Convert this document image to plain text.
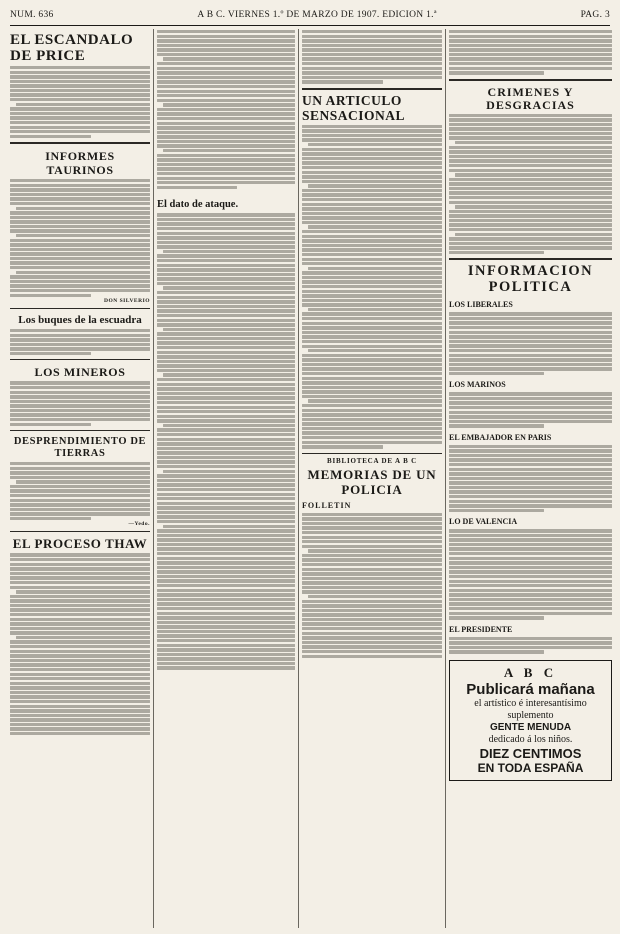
NUM. 636	A B C. VIERNES 1.º DE MARZO DE 1907. EDICION 1.ª	PAG. 3
EL ESCANDALO DE PRICE
INFORMES TAURINOS
DON SILVERIO
Los buques de la escuadra
LOS MINEROS
DESPRENDIMIENTO DE TIERRAS
—Yedo.
EL PROCESO THAW
El dato de ataque.
UN ARTICULO SENSACIONAL
BIBLIOTECA DE A B C
MEMORIAS DE UN POLICIA
FOLLETIN
CRIMENES Y DESGRACIAS
INFORMACION POLITICA
LOS LIBERALES
LOS MARINOS
EL EMBAJADOR EN PARIS
LO DE VALENCIA
EL PRESIDENTE
A B C
Publicará mañana
el artístico é interesantísimo suplemento
GENTE MENUDA
dedicado á los niños.
DIEZ CENTIMOS
EN TODA ESPAÑA
